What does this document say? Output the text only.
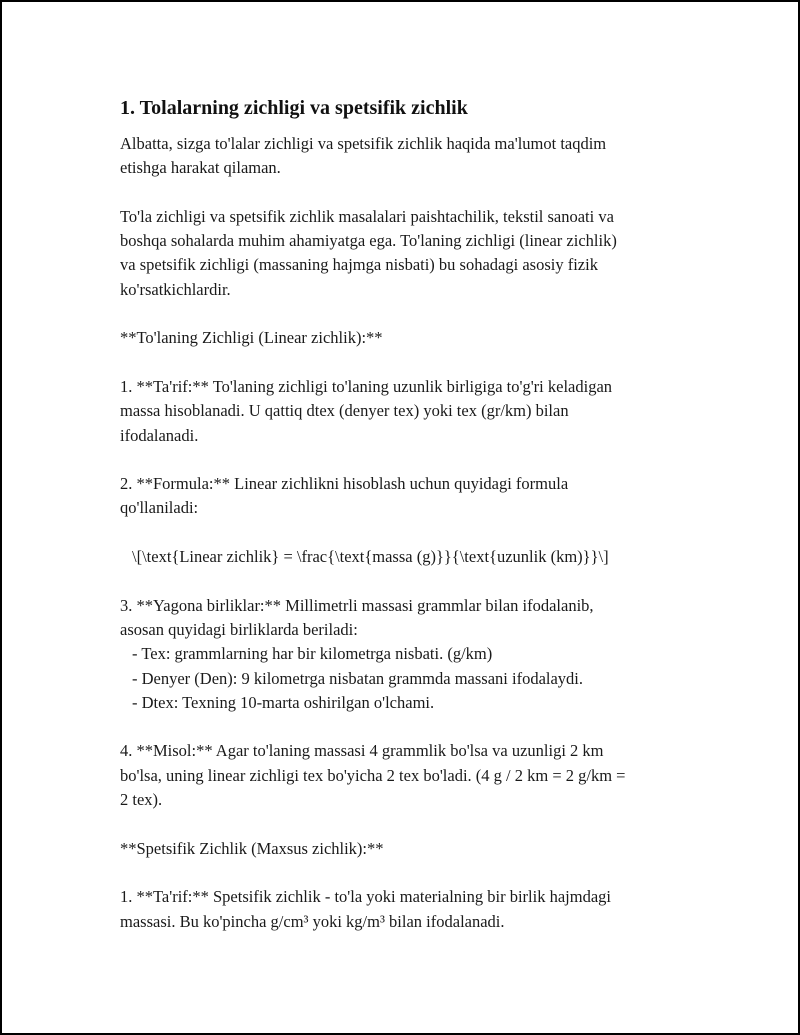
1. Tolalarning zichligi va spetsifik zichlik

Albatta, sizga to'lalar zichligi va spetsifik zichlik haqida ma'lumot taqdim
etishga harakat qilaman.

To'la zichligi va spetsifik zichlik masalalari paishtachilik, tekstil sanoati va
boshqa sohalarda muhim ahamiyatga ega. To'laning zichligi (linear zichlik)
va spetsifik zichligi (massaning hajmga nisbati) bu sohadagi asosiy fizik
ko'rsatkichlardir.

**To'laning Zichligi (Linear zichlik):**

1. **Ta'rif:** To'laning zichligi to'laning uzunlik birligiga to'g'ri keladigan
massa hisoblanadi. U qattiq dtex (denyer tex) yoki tex (gr/km) bilan
ifodalanadi.

2. **Formula:** Linear zichlikni hisoblash uchun quyidagi formula
qo'llaniladi:

\[\text{Linear zichlik} = \frac{\text{massa (g)}}{\text{uzunlik (km)}}\]

3. **Yagona birliklar:** Millimetrli massasi grammlar bilan ifodalanib,
asosan quyidagi birliklarda beriladi:

- Tex: grammlarning har bir kilometrga nisbati. (g/km)

- Denyer (Den): 9 kilometrga nisbatan grammda massani ifodalaydi.

- Dtex: Texning 10-marta oshirilgan o'lchami.

4. **Misol:** Agar to'laning massasi 4 grammlik bo'lsa va uzunligi 2 km
bo'lsa, uning linear zichligi tex bo'yicha 2 tex bo'ladi. (4 g / 2 km = 2 g/km =
2 tex).

**Spetsifik Zichlik (Maxsus zichlik):**

1. **Ta'rif:** Spetsifik zichlik - to'la yoki materialning bir birlik hajmdagi
massasi. Bu ko'pincha g/cm³ yoki kg/m³ bilan ifodalanadi.
